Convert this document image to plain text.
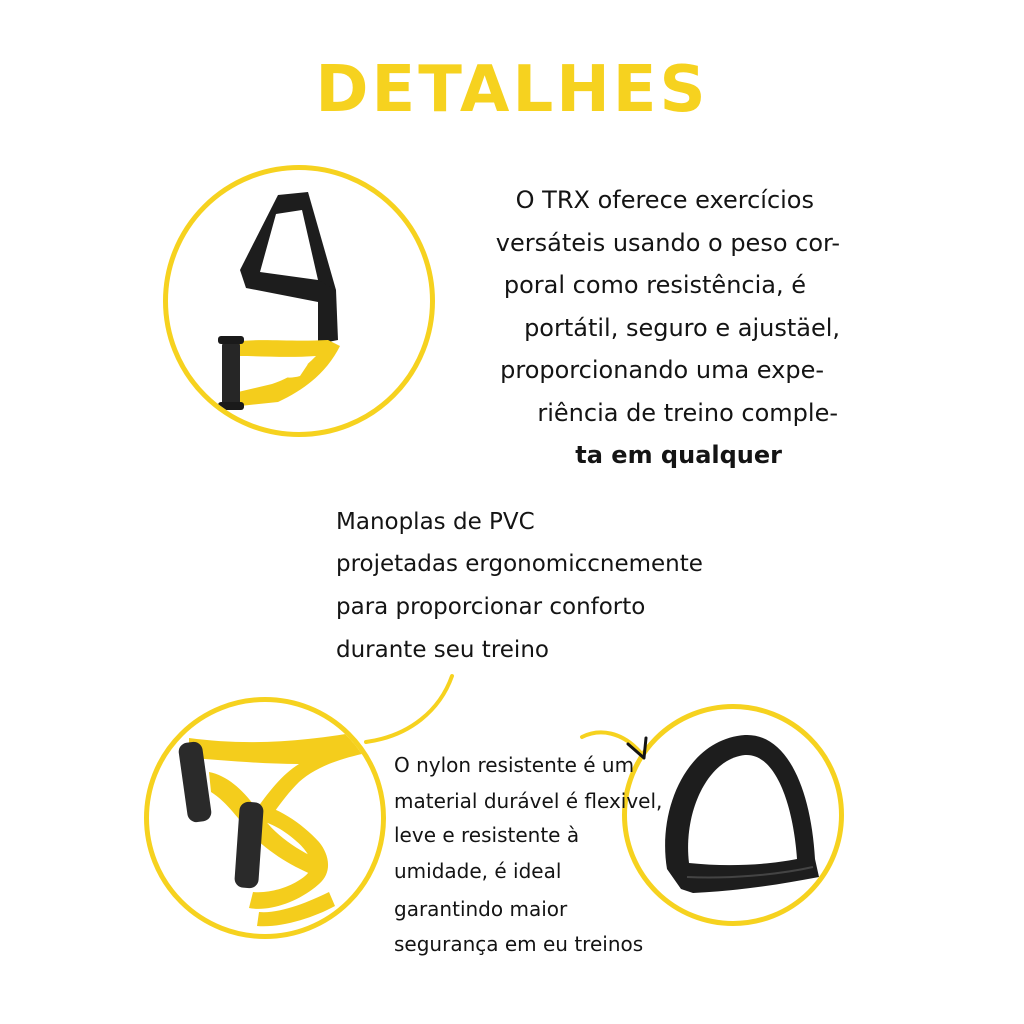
DETALHES
O TRX oferece exercícios
versáteis usando o peso cor-
poral como resistência, é
portátil, seguro e ajustäel,
proporcionando uma expe-
riência de treino comple-
ta em qualquer
Manoplas de PVC
projetadas ergonomiccnemente
para proporcionar conforto
durante seu treino
O nylon resistente é um
material durável é flexivel,
leve e resistente à
umidade, é ideal
garantindo maior
segurança em eu treinos
